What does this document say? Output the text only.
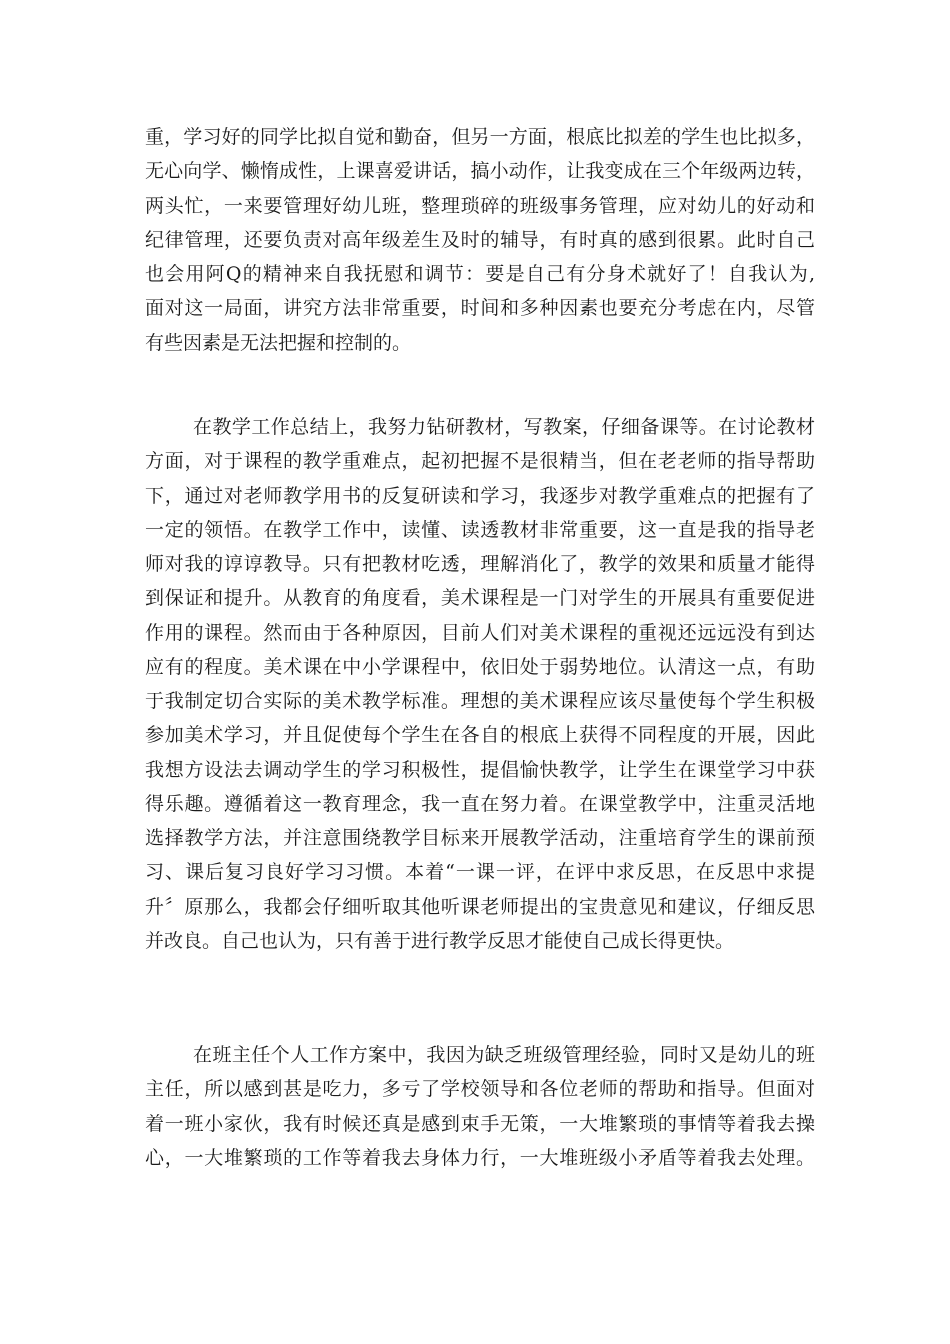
重，学习好的同学比拟自觉和勤奋，但另一方面，根底比拟差的学生也比拟多，
无心向学、懒惰成性，上课喜爱讲话，搞小动作，让我变成在三个年级两边转，
两头忙，一来要管理好幼儿班，整理琐碎的班级事务管理，应对幼儿的好动和
纪律管理，还要负责对高年级差生及时的辅导，有时真的感到很累。此时自己
也会用阿Q的精神来自我抚慰和调节：要是自己有分身术就好了！自我认为,
面对这一局面，讲究方法非常重要，时间和多种因素也要充分考虑在内，尽管
有些因素是无法把握和控制的。
在教学工作总结上，我努力钻研教材，写教案，仔细备课等。在讨论教材
方面，对于课程的教学重难点，起初把握不是很精当，但在老老师的指导帮助
下，通过对老师教学用书的反复研读和学习，我逐步对教学重难点的把握有了
一定的领悟。在教学工作中，读懂、读透教材非常重要，这一直是我的指导老
师对我的谆谆教导。只有把教材吃透，理解消化了，教学的效果和质量才能得
到保证和提升。从教育的角度看，美术课程是一门对学生的开展具有重要促进
作用的课程。然而由于各种原因，目前人们对美术课程的重视还远远没有到达
应有的程度。美术课在中小学课程中，依旧处于弱势地位。认清这一点，有助
于我制定切合实际的美术教学标准。理想的美术课程应该尽量使每个学生积极
参加美术学习，并且促使每个学生在各自的根底上获得不同程度的开展，因此
我想方设法去调动学生的学习积极性，提倡愉快教学，让学生在课堂学习中获
得乐趣。遵循着这一教育理念，我一直在努力着。在课堂教学中，注重灵活地
选择教学方法，并注意围绕教学目标来开展教学活动，注重培育学生的课前预
习、课后复习良好学习习惯。本着“一课一评，在评中求反思，在反思中求提
升〞原那么，我都会仔细听取其他听课老师提出的宝贵意见和建议，仔细反思
并改良。自己也认为，只有善于进行教学反思才能使自己成长得更快。
在班主任个人工作方案中，我因为缺乏班级管理经验，同时又是幼儿的班
主任，所以感到甚是吃力，多亏了学校领导和各位老师的帮助和指导。但面对
着一班小家伙，我有时候还真是感到束手无策，一大堆繁琐的事情等着我去操
心，一大堆繁琐的工作等着我去身体力行，一大堆班级小矛盾等着我去处理。
